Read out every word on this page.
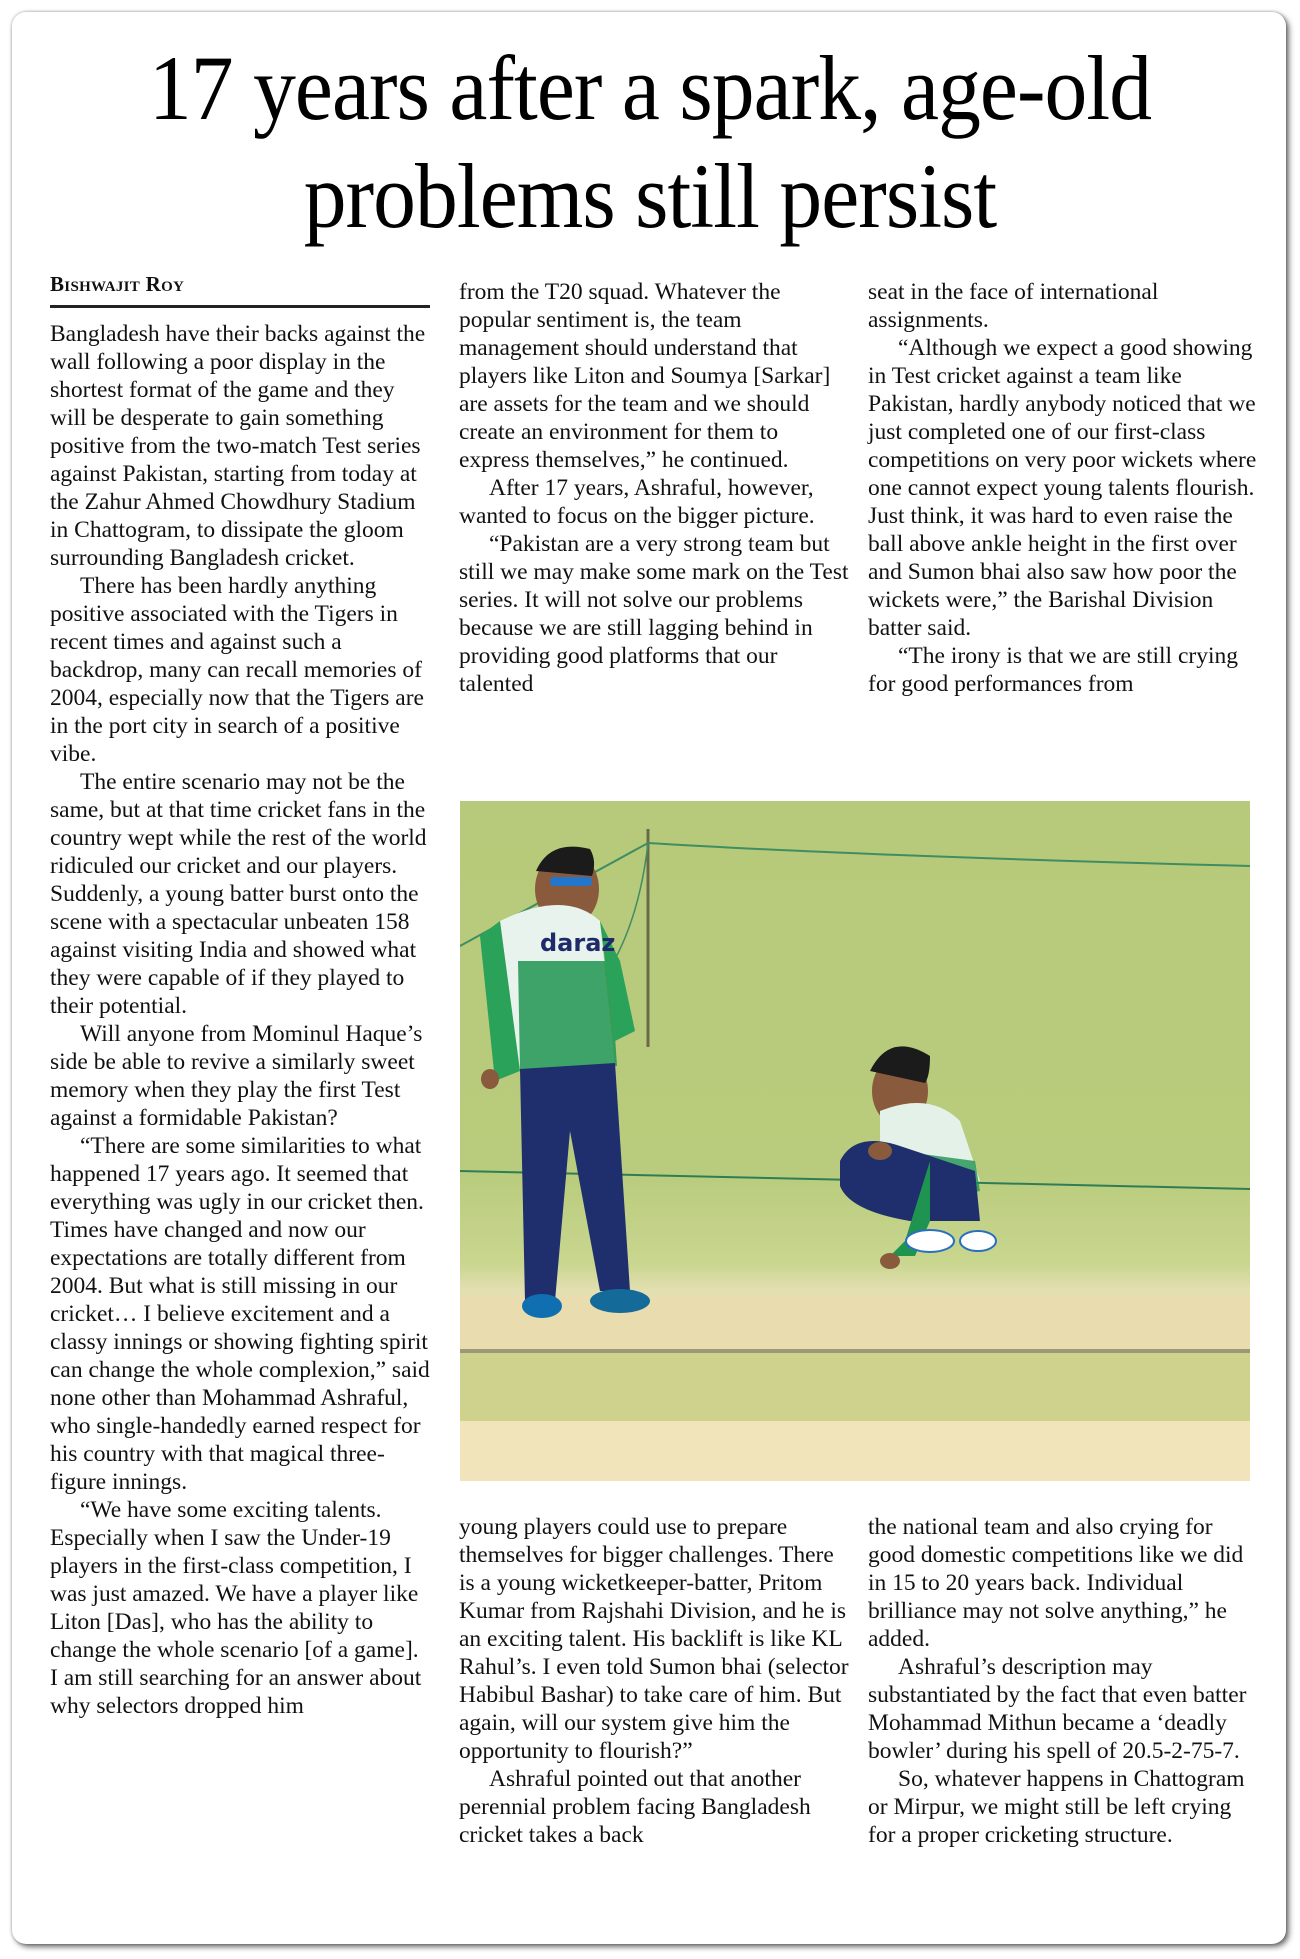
17 years after a spark, age-old
problems still persist
Bishwajit Roy

Bangladesh have their backs against the wall following a poor display in the shortest format of the game and they will be desperate to gain something positive from the two-match Test series against Pakistan, starting from today at the Zahur Ahmed Chowdhury Stadium in Chattogram, to dissipate the gloom surrounding Bangladesh cricket.

There has been hardly anything positive associated with the Tigers in recent times and against such a backdrop, many can recall memories of 2004, especially now that the Tigers are in the port city in search of a positive vibe.

The entire scenario may not be the same, but at that time cricket fans in the country wept while the rest of the world ridiculed our cricket and our players. Suddenly, a young batter burst onto the scene with a spectacular unbeaten 158 against visiting India and showed what they were capable of if they played to their potential.

Will anyone from Mominul Haque’s side be able to revive a similarly sweet memory when they play the first Test against a formidable Pakistan?

“There are some similarities to what happened 17 years ago. It seemed that everything was ugly in our cricket then. Times have changed and now our expectations are totally different from 2004. But what is still missing in our cricket… I believe excitement and a classy innings or showing fighting spirit can change the whole complexion,” said none other than Mohammad Ashraful, who single-handedly earned respect for his country with that magical three-figure innings.

“We have some exciting talents. Especially when I saw the Under-19 players in the first-class competition, I was just amazed. We have a player like Liton [Das], who has the ability to change the whole scenario [of a game]. I am still searching for an answer about why selectors dropped him

from the T20 squad. Whatever the popular sentiment is, the team management should understand that players like Liton and Soumya [Sarkar] are assets for the team and we should create an environment for them to express themselves,” he continued.

After 17 years, Ashraful, however, wanted to focus on the bigger picture.

“Pakistan are a very strong team but still we may make some mark on the Test series. It will not solve our problems because we are still lagging behind in providing good platforms that our talented

seat in the face of international assignments.

“Although we expect a good showing in Test cricket against a team like Pakistan, hardly anybody noticed that we just completed one of our first-class competitions on very poor wickets where one cannot expect young talents flourish. Just think, it was hard to even raise the ball above ankle height in the first over and Sumon bhai also saw how poor the wickets were,” the Barishal Division batter said.

“The irony is that we are still crying for good performances from

young players could use to prepare themselves for bigger challenges. There is a young wicketkeeper-batter, Pritom Kumar from Rajshahi Division, and he is an exciting talent. His backlift is like KL Rahul’s. I even told Sumon bhai (selector Habibul Bashar) to take care of him. But again, will our system give him the opportunity to flourish?”

Ashraful pointed out that another perennial problem facing Bangladesh cricket takes a back

the national team and also crying for good domestic competitions like we did in 15 to 20 years back. Individual brilliance may not solve anything,” he added.

Ashraful’s description may substantiated by the fact that even batter Mohammad Mithun became a ‘deadly bowler’ during his spell of 20.5-2-75-7.

So, whatever happens in Chattogram or Mirpur, we might still be left crying for a proper cricketing structure.

daraz
